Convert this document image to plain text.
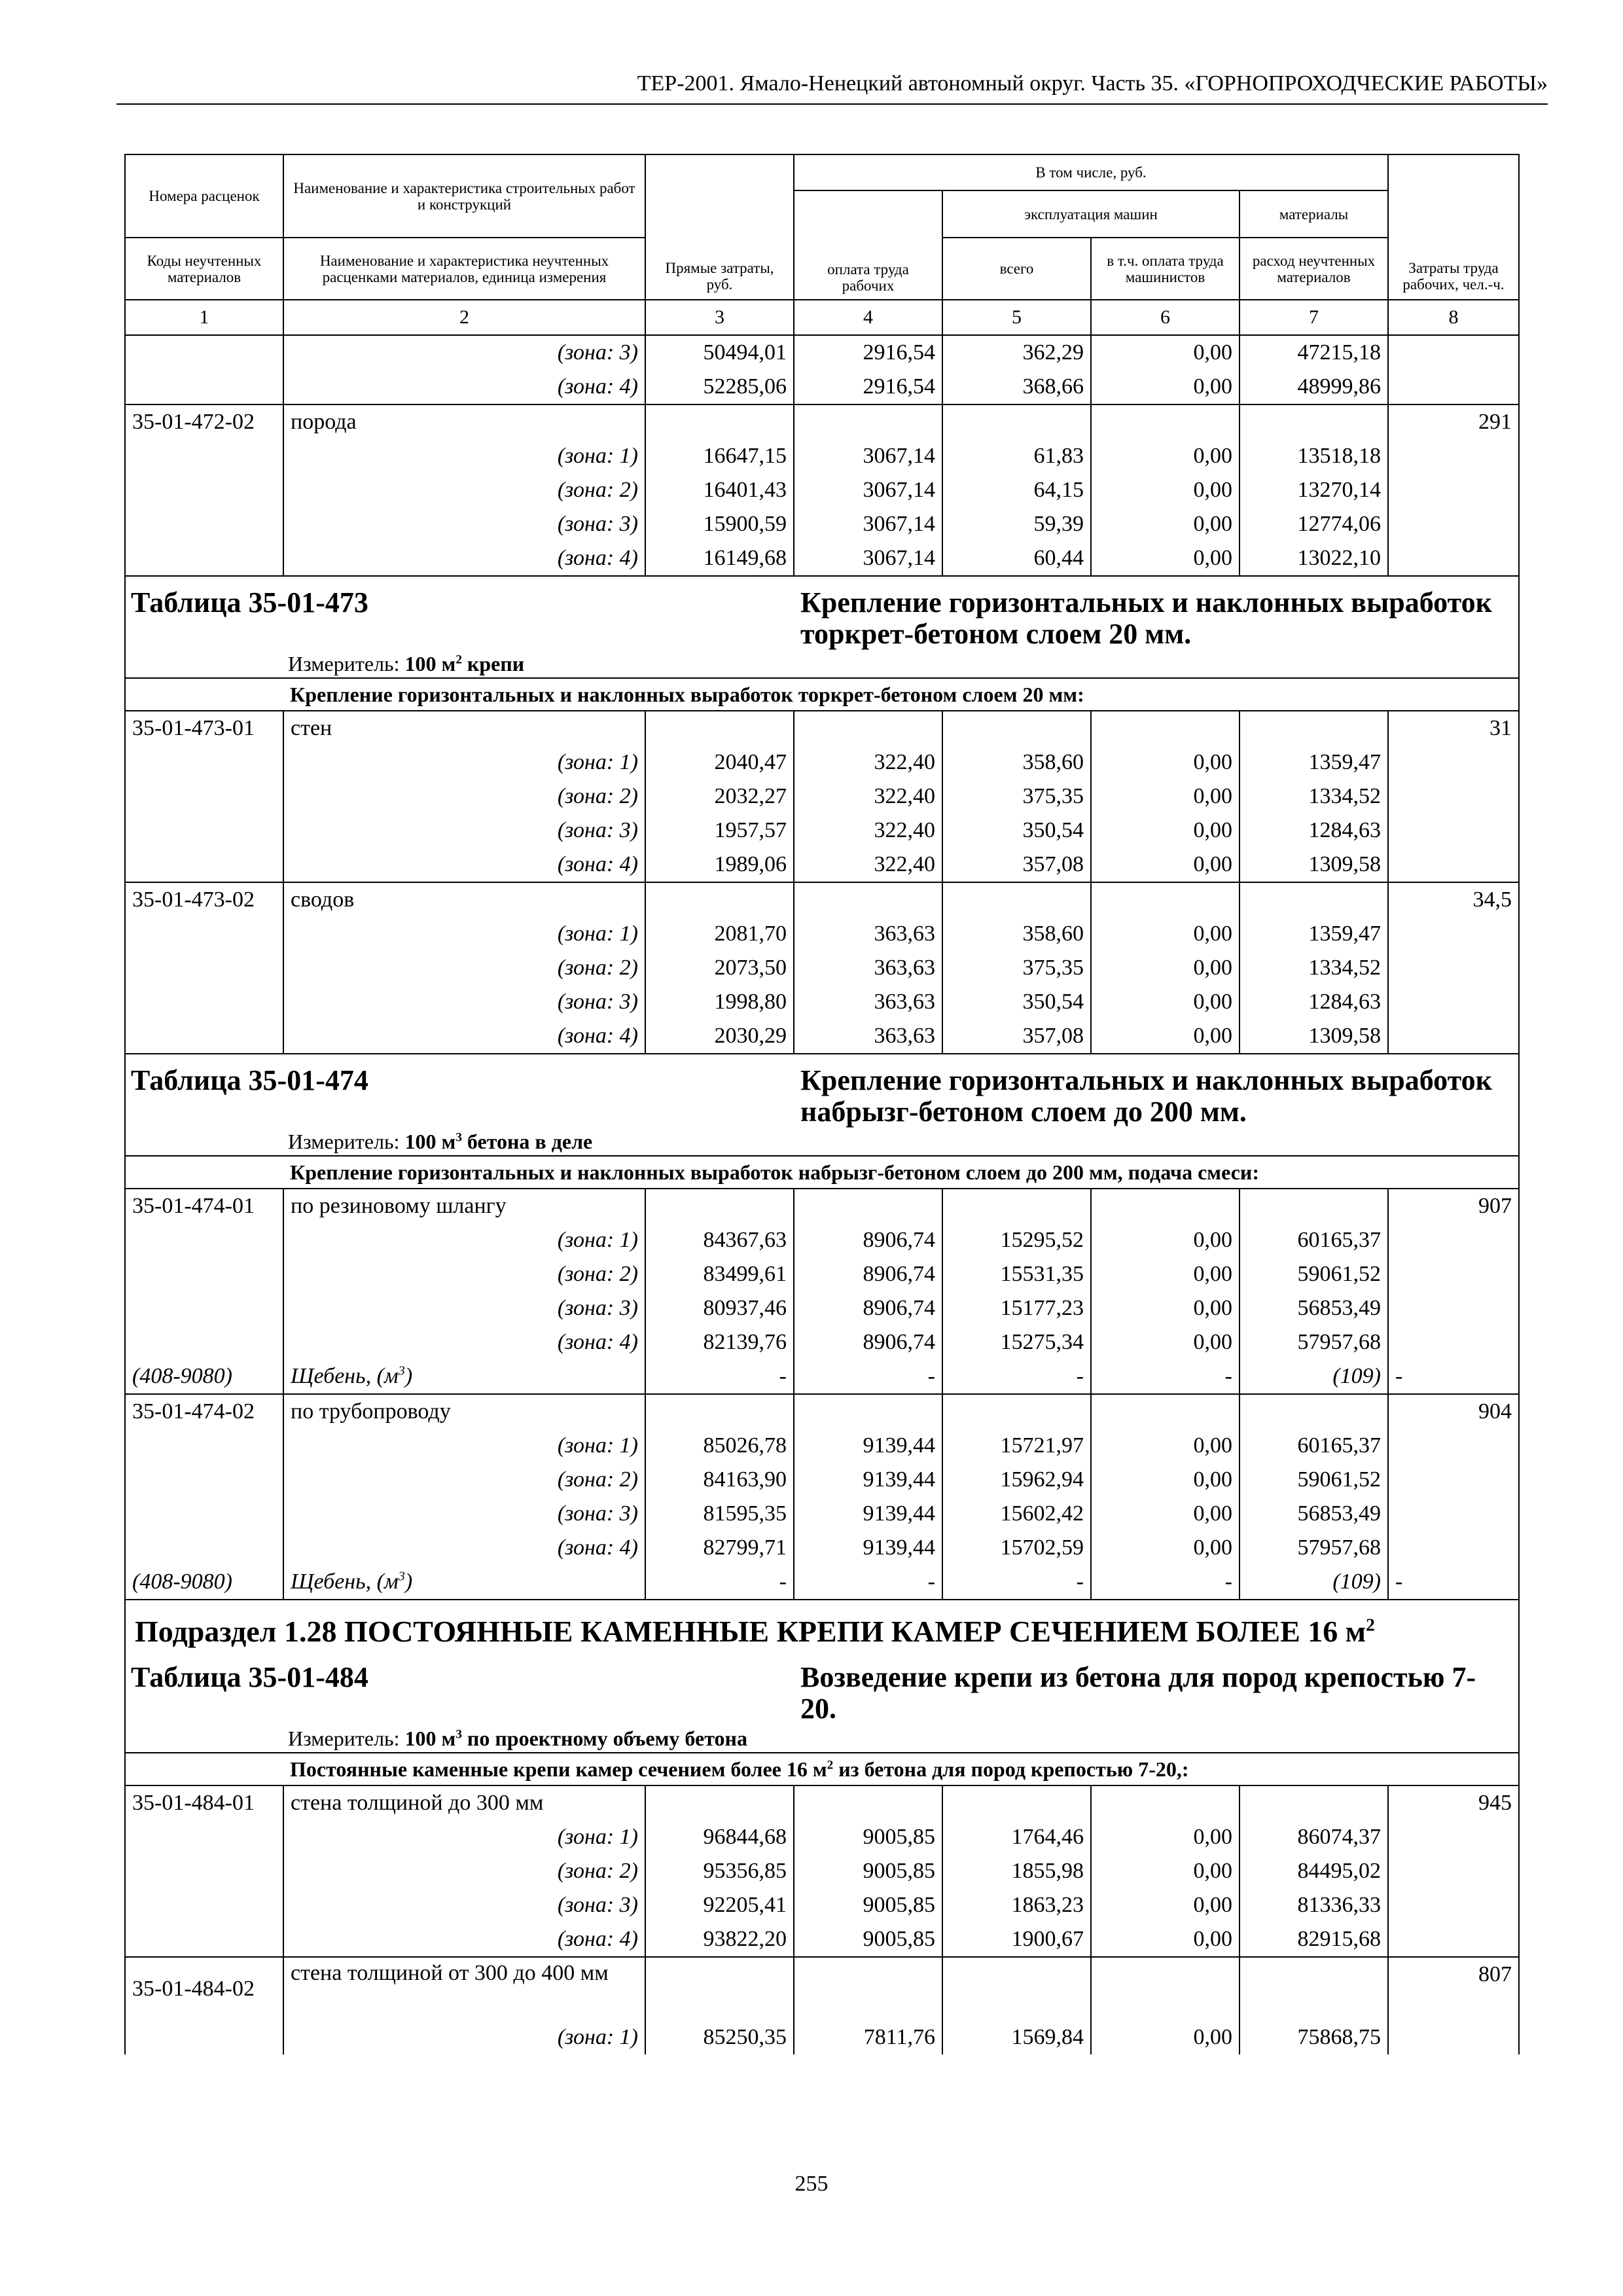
ТЕР-2001. Ямало-Ненецкий автономный округ. Часть 35. «ГОРНОПРОХОДЧЕСКИЕ РАБОТЫ»
Номера расценок	Наименование и характеристика строительных работ и конструкций	Прямые затраты, руб.	В том числе, руб.				Затраты труда рабочих, чел.-ч.
			оплата труда рабочих	эксплуатация машин		материалы	
Коды неучтенных материалов	Наименование и характеристика неучтенных расценками материалов, единица измерения			всего	в т.ч. оплата труда машинистов	расход неучтенных материалов	
1	2	3	4	5	6	7	8
	(зона: 3)	50494,01	2916,54	362,29	0,00	47215,18	
	(зона: 4)	52285,06	2916,54	368,66	0,00	48999,86	
35-01-472-02	порода						291
	(зона: 1)	16647,15	3067,14	61,83	0,00	13518,18	
	(зона: 2)	16401,43	3067,14	64,15	0,00	13270,14	
	(зона: 3)	15900,59	3067,14	59,39	0,00	12774,06	
	(зона: 4)	16149,68	3067,14	60,44	0,00	13022,10	
Таблица 35-01-473			Крепление горизонтальных и наклонных выработок торкрет-бетоном слоем 20 мм.				
Измеритель: 100 $м^2$ крепи							
	Крепление горизонтальных и наклонных выработок торкрет-бетоном слоем 20 мм:						
35-01-473-01	стен						31
	(зона: 1)	2040,47	322,40	358,60	0,00	1359,47	
	(зона: 2)	2032,27	322,40	375,35	0,00	1334,52	
	(зона: 3)	1957,57	322,40	350,54	0,00	1284,63	
	(зона: 4)	1989,06	322,40	357,08	0,00	1309,58	
35-01-473-02	сводов						34,5
	(зона: 1)	2081,70	363,63	358,60	0,00	1359,47	
	(зона: 2)	2073,50	363,63	375,35	0,00	1334,52	
	(зона: 3)	1998,80	363,63	350,54	0,00	1284,63	
	(зона: 4)	2030,29	363,63	357,08	0,00	1309,58	
Таблица 35-01-474			Крепление горизонтальных и наклонных выработок набрызг-бетоном слоем до 200 мм.				
Измеритель: 100 $м^3$ бетона в деле							
	Крепление горизонтальных и наклонных выработок набрызг-бетоном слоем до 200 мм, подача смеси:						
35-01-474-01	по резиновому шлангу						907
	(зона: 1)	84367,63	8906,74	15295,52	0,00	60165,37	
	(зона: 2)	83499,61	8906,74	15531,35	0,00	59061,52	
	(зона: 3)	80937,46	8906,74	15177,23	0,00	56853,49	
	(зона: 4)	82139,76	8906,74	15275,34	0,00	57957,68	
(408-9080)	Щебень, $(м^3)$	-	-	-	-	(109)	-
35-01-474-02	по трубопроводу						904
	(зона: 1)	85026,78	9139,44	15721,97	0,00	60165,37	
	(зона: 2)	84163,90	9139,44	15962,94	0,00	59061,52	
	(зона: 3)	81595,35	9139,44	15602,42	0,00	56853,49	
	(зона: 4)	82799,71	9139,44	15702,59	0,00	57957,68	
(408-9080)	Щебень, $(м^3)$	-	-	-	-	(109)	-
Подраздел 1.28 ПОСТОЯННЫЕ КАМЕННЫЕ КРЕПИ КАМЕР СЕЧЕНИЕМ БОЛЕЕ 16 $м^2$
Таблица 35-01-484			Возведение крепи из бетона для пород крепостью 7-20.				
Измеритель: 100 $м^3$ по проектному объему бетона							
	Постоянные каменные крепи камер сечением более 16 $м^2$ из бетона для пород крепостью 7-20,:						
35-01-484-01	стена толщиной до 300 мм						945
	(зона: 1)	96844,68	9005,85	1764,46	0,00	86074,37	
	(зона: 2)	95356,85	9005,85	1855,98	0,00	84495,02	
	(зона: 3)	92205,41	9005,85	1863,23	0,00	81336,33	
	(зона: 4)	93822,20	9005,85	1900,67	0,00	82915,68	
35-01-484-02	стена толщиной от 300 до 400 мм						807
	(зона: 1)	85250,35	7811,76	1569,84	0,00	75868,75	
255
